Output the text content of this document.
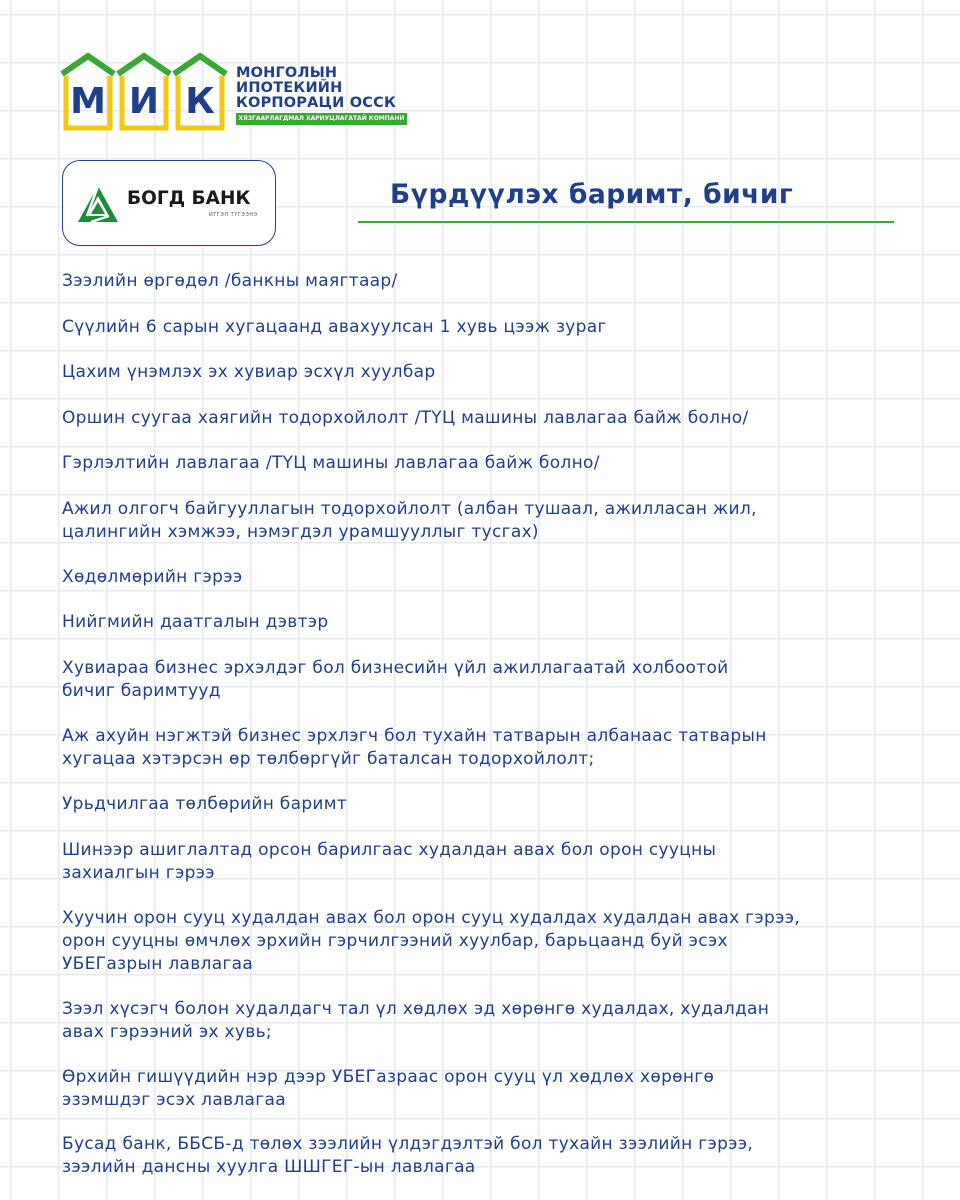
М И К
МОНГОЛЫН
ИПОТЕКИЙН
КОРПОРАЦИ ОССК
ХЯЗГААРЛАГДМАЛ ХАРИУЦЛАГАТАЙ КОМПАНИ
БОГД БАНК
ИТГЭЛ ТҮГЭЭНЭ
Бүрдүүлэх баримт, бичиг

Зээлийн өргөдөл /банкны маягтаар/

Сүүлийн 6 сарын хугацаанд авахуулсан 1 хувь цээж зураг

Цахим үнэмлэх эх хувиар эсхүл хуулбар

Оршин суугаа хаягийн тодорхойлолт /ТҮЦ машины лавлагаа байж болно/

Гэрлэлтийн лавлагаа /ТҮЦ машины лавлагаа байж болно/

Ажил олгогч байгууллагын тодорхойлолт (албан тушаал, ажилласан жил,
цалингийн хэмжээ, нэмэгдэл урамшууллыг тусгах)

Хөдөлмөрийн гэрээ

Нийгмийн даатгалын дэвтэр

Хувиараа бизнес эрхэлдэг бол бизнесийн үйл ажиллагаатай холбоотой
бичиг баримтууд

Аж ахуйн нэгжтэй бизнес эрхлэгч бол тухайн татварын албанаас татварын
хугацаа хэтэрсэн өр төлбөргүйг баталсан тодорхойлолт;

Урьдчилгаа төлбөрийн баримт

Шинээр ашиглалтад орсон барилгаас худалдан авах бол орон сууцны
захиалгын гэрээ

Хуучин орон сууц худалдан авах бол орон сууц худалдах худалдан авах гэрээ,
орон сууцны өмчлөх эрхийн гэрчилгээний хуулбар, барьцаанд буй эсэх
УБЕГазрын лавлагаа

Зээл хүсэгч болон худалдагч тал үл хөдлөх эд хөрөнгө худалдах, худалдан
авах гэрээний эх хувь;

Өрхийн гишүүдийн нэр дээр УБЕГазраас орон сууц үл хөдлөх хөрөнгө
эзэмшдэг эсэх лавлагаа

Бусад банк, ББСБ-д төлөх зээлийн үлдэгдэлтэй бол тухайн зээлийн гэрээ,
зээлийн дансны хуулга ШШГЕГ-ын лавлагаа
